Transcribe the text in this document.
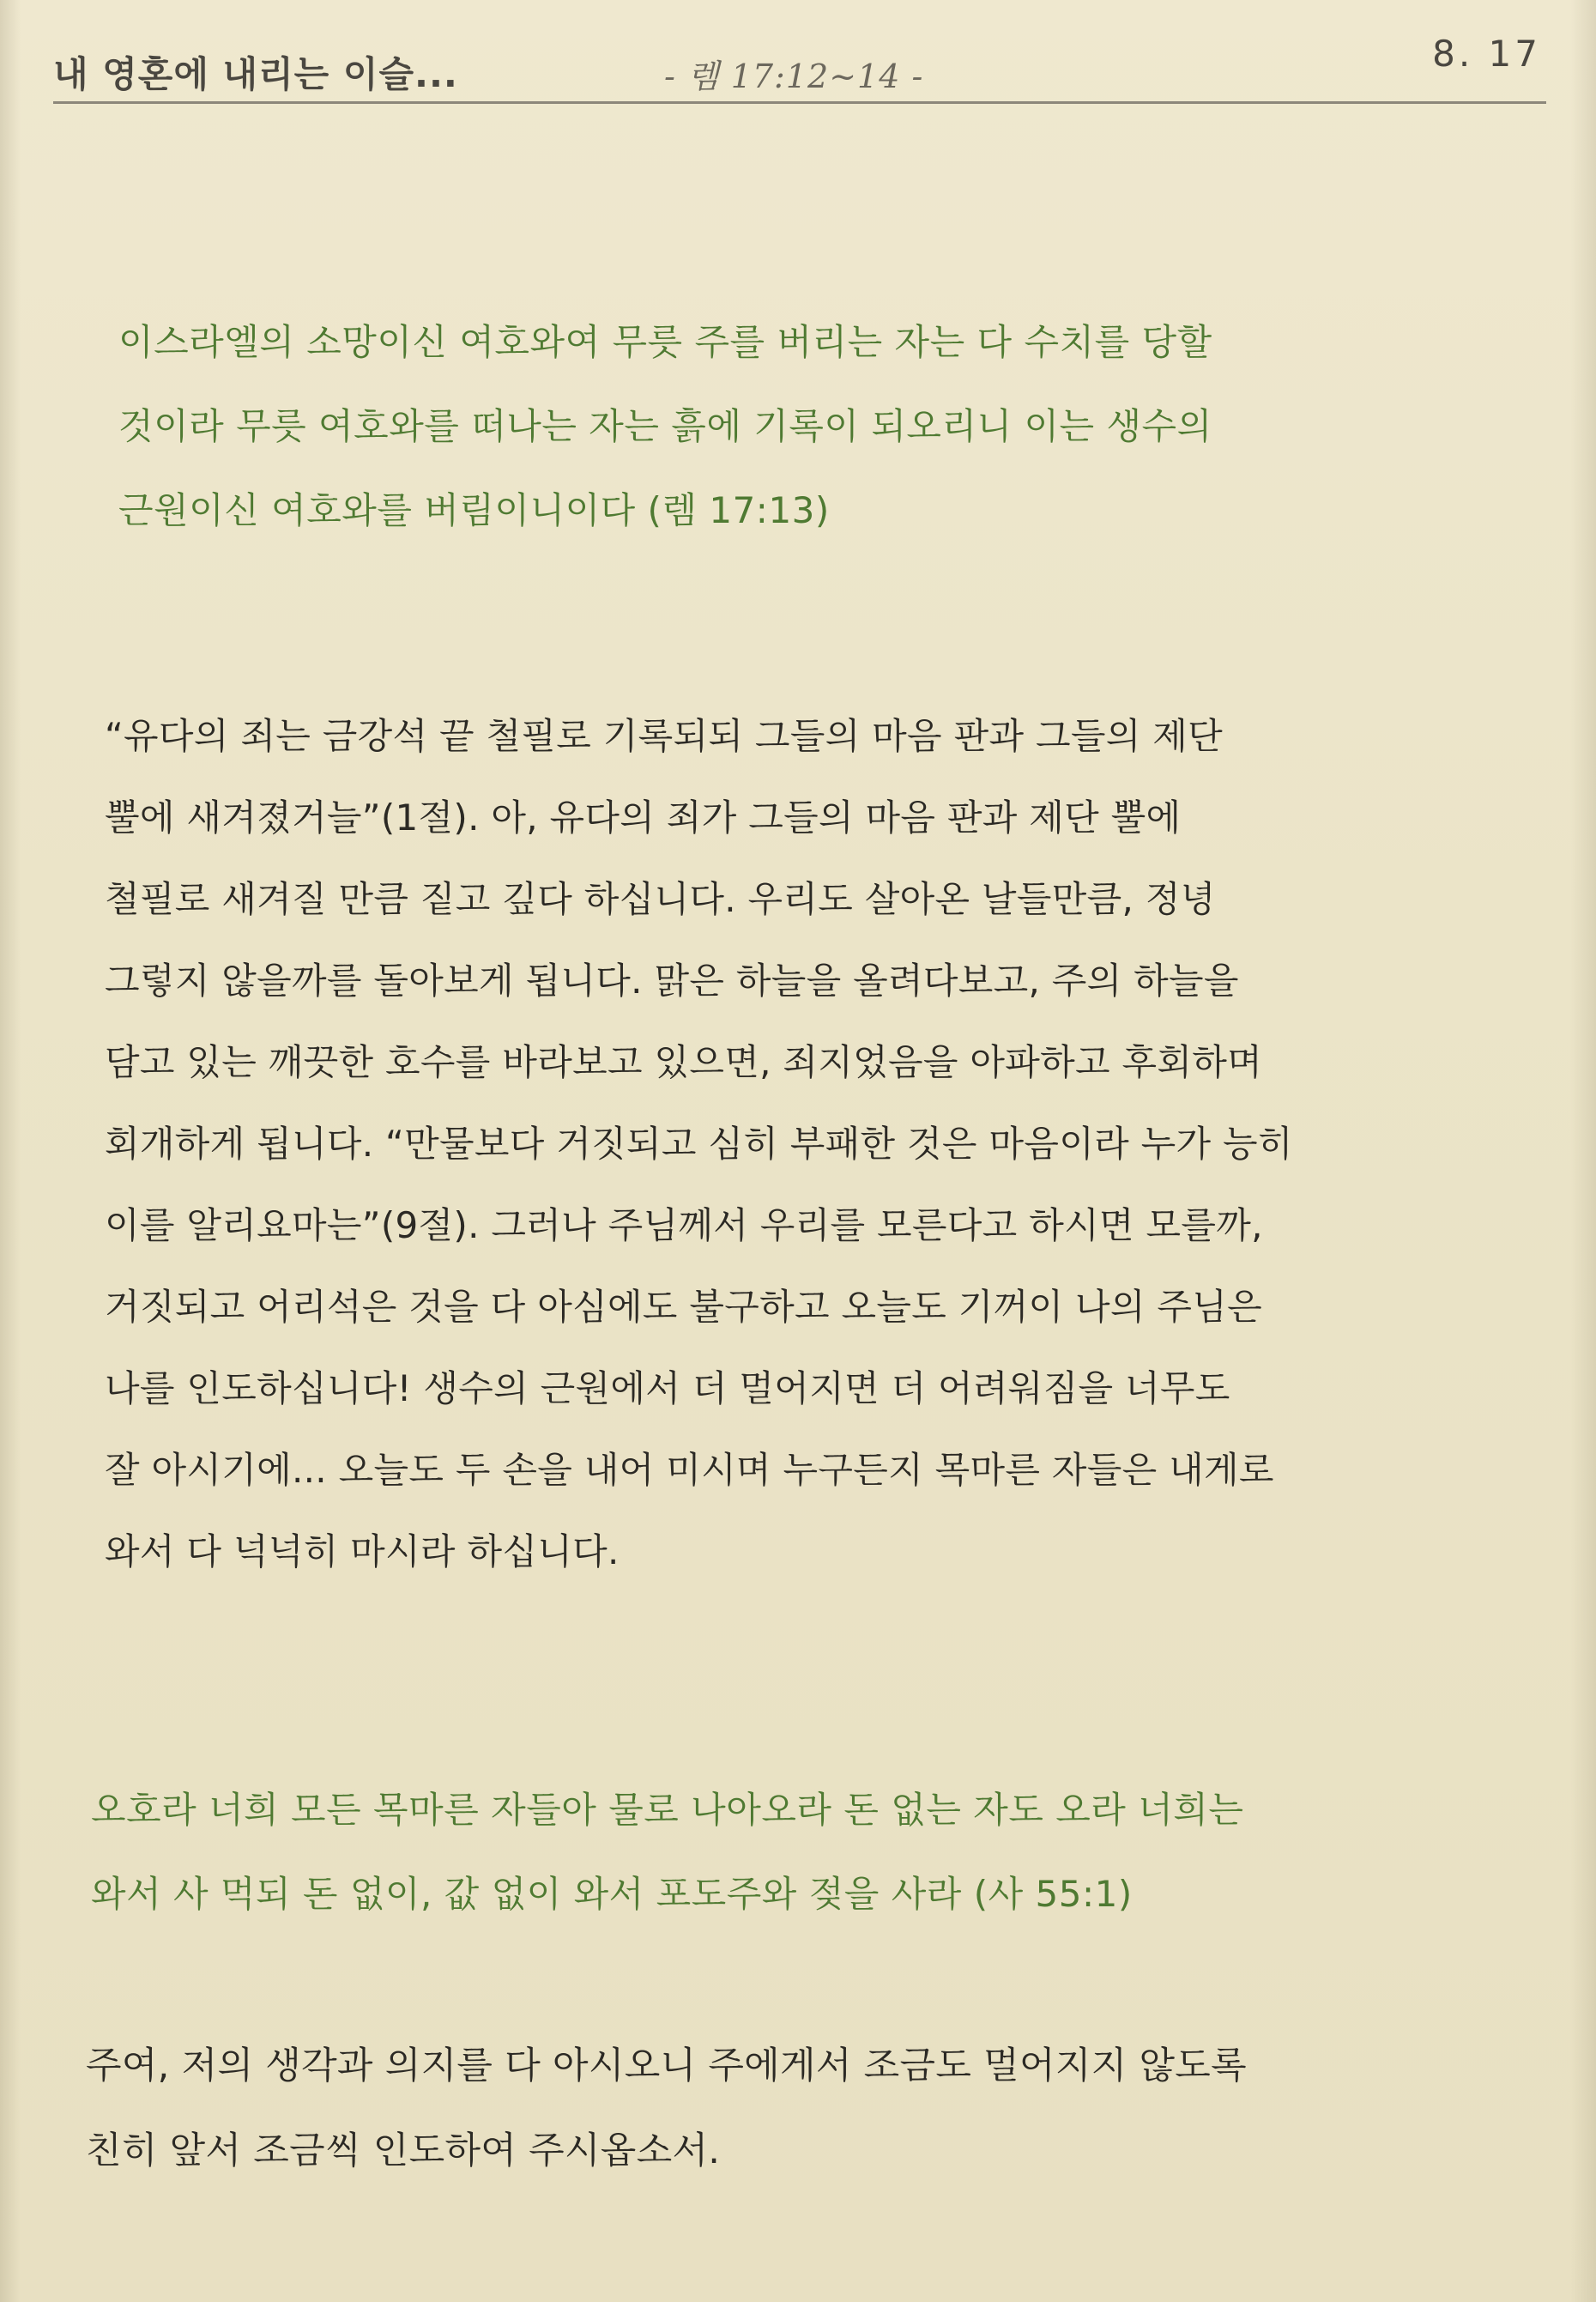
내 영혼에 내리는 이슬...	- 렘 17:12~14 -
8. 17
이스라엘의 소망이신 여호와여 무릇 주를 버리는 자는 다 수치를 당할
것이라 무릇 여호와를 떠나는 자는 흙에 기록이 되오리니 이는 생수의
근원이신 여호와를 버림이니이다 (렘 17:13)
“유다의 죄는 금강석 끝 철필로 기록되되 그들의 마음 판과 그들의 제단
뿔에 새겨졌거늘”(1절). 아, 유다의 죄가 그들의 마음 판과 제단 뿔에
철필로 새겨질 만큼 짙고 깊다 하십니다. 우리도 살아온 날들만큼, 정녕
그렇지 않을까를 돌아보게 됩니다. 맑은 하늘을 올려다보고, 주의 하늘을
담고 있는 깨끗한 호수를 바라보고 있으면, 죄지었음을 아파하고 후회하며
회개하게 됩니다. “만물보다 거짓되고 심히 부패한 것은 마음이라 누가 능히
이를 알리요마는”(9절). 그러나 주님께서 우리를 모른다고 하시면 모를까,
거짓되고 어리석은 것을 다 아심에도 불구하고 오늘도 기꺼이 나의 주님은
나를 인도하십니다! 생수의 근원에서 더 멀어지면 더 어려워짐을 너무도
잘 아시기에... 오늘도 두 손을 내어 미시며 누구든지 목마른 자들은 내게로
와서 다 넉넉히 마시라 하십니다.
오호라 너희 모든 목마른 자들아 물로 나아오라 돈 없는 자도 오라 너희는
와서 사 먹되 돈 없이, 값 없이 와서 포도주와 젖을 사라 (사 55:1)
주여, 저의 생각과 의지를 다 아시오니 주에게서 조금도 멀어지지 않도록
친히 앞서 조금씩 인도하여 주시옵소서.
